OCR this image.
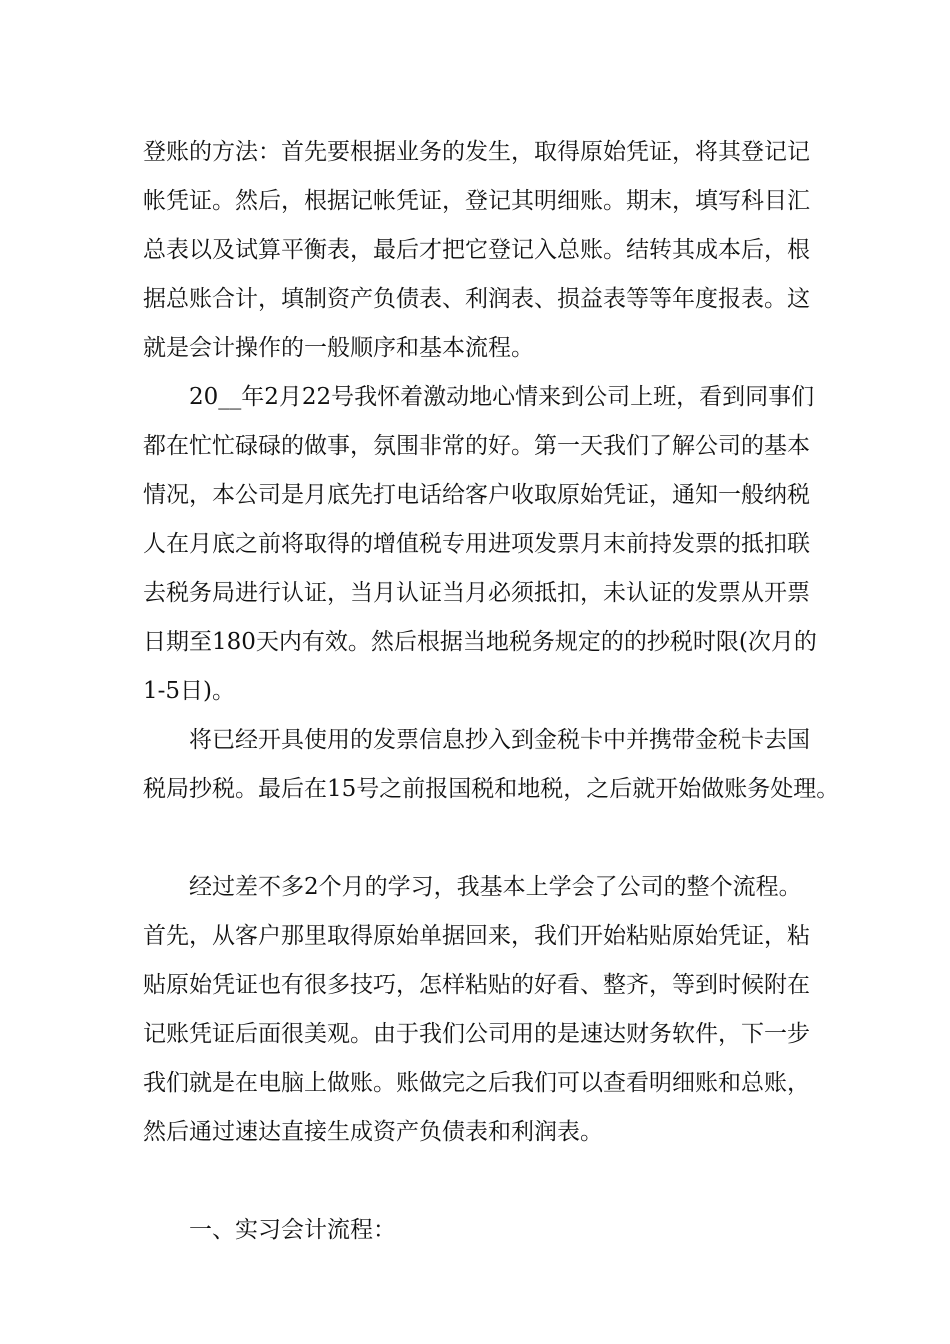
登账的方法：首先要根据业务的发生，取得原始凭证，将其登记记
帐凭证。然后，根据记帐凭证，登记其明细账。期末，填写科目汇
总表以及试算平衡表，最后才把它登记入总账。结转其成本后，根
据总账合计，填制资产负债表、利润表、损益表等等年度报表。这
就是会计操作的一般顺序和基本流程。
20__年2月22号我怀着激动地心情来到公司上班，看到同事们
都在忙忙碌碌的做事，氛围非常的好。第一天我们了解公司的基本
情况，本公司是月底先打电话给客户收取原始凭证，通知一般纳税
人在月底之前将取得的增值税专用进项发票月末前持发票的抵扣联
去税务局进行认证，当月认证当月必须抵扣，未认证的发票从开票
日期至180天内有效。然后根据当地税务规定的的抄税时限(次月的
1-5日)。
将已经开具使用的发票信息抄入到金税卡中并携带金税卡去国
税局抄税。最后在15号之前报国税和地税，之后就开始做账务处理。
经过差不多2个月的学习，我基本上学会了公司的整个流程。
首先，从客户那里取得原始单据回来，我们开始粘贴原始凭证，粘
贴原始凭证也有很多技巧，怎样粘贴的好看、整齐，等到时候附在
记账凭证后面很美观。由于我们公司用的是速达财务软件，下一步
我们就是在电脑上做账。账做完之后我们可以查看明细账和总账，
然后通过速达直接生成资产负债表和利润表。
一、实习会计流程：
